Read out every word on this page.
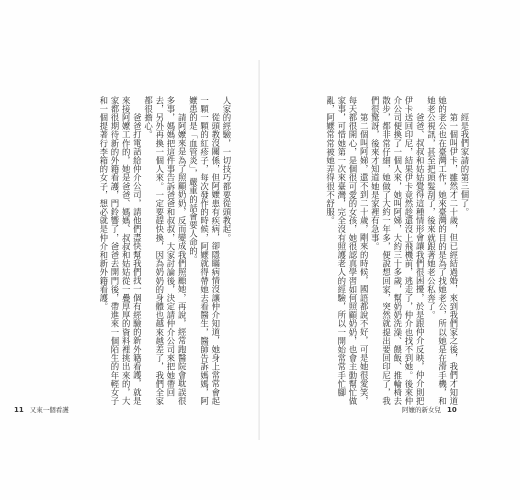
人家的經驗，一切技巧都要從頭教起。

從頭教沒關係，但阿嬤患有疾病，卻隱瞞病情沒讓仲介知道，她身上常常會起一顆一顆的紅疹子，每次發作的時候，阿嬤就得帶她去看醫生，醫師告訴媽媽，阿嬤患的是「血管炎」，嚴重的話會要人命的。

請阿嬤來是為了照顧奶奶，反而變成我們照顧她，再說，經常跑醫院會耽誤很多事，媽媽把這件事告訴爸爸和叔叔，大家討論後，決定請仲介公司來把她帶回去，另外再換一個人來。一定要趕快換，因為奶奶的身體也越來越差了，我們全家都很擔心。

爸爸打電話給仲介公司，請他們盡快幫我們找一個有經驗的新外籍看護，就是來接阿嬤工作的，她是爸爸、媽媽、叔叔和姑姑從一疊厚厚的資料裡挑出來的，大家都很期待新的外籍看護，門鈴響了，爸爸去開門後，帶進來一個陌生的年輕女子和一個提著行李箱的女子，想必就是仲介和新外籍看護。

11 又來一個看護

經是我們家請的第三個了。

第一個叫伊卡，雖然才二十歲，但已經結過婚，來到我們家之後，我們才知道她的老公也在臺灣工作，她來臺灣的目的是為了找她老公，所以她是在滑手機，和她老公視訊，甚至把頭髮刮了，後來就跟著她老公私奔了。

爸爸、叔叔和姑姑覺得這種情形會讓我們很困擾，於是跟仲介反映，仲介則把伊卡送回印尼，結果伊卡竟然趁還沒上飛機前，逃走了，仲介也找不到她。後來仲介公司便換了一個人來，她叫阿娣，大約三十多歲，幫奶奶洗澡、餵飯、推輪椅去散步，都非常仔細，她做了大約一年多，便說想回家，突然就提出要回印尼了，我們很驚訝，後來才知道她是家裡有急事。

第二個叫阿娣，還不到二十歲，剛來的時候，國語都說不好，可是她很愛笑，每天都很開心，是個很可愛的女孩，她很認真學習如何照顧奶奶，也會主動幫忙做家事，可惜她第一次來臺灣，完全沒有照護老人的經驗，所以一開始常常手忙腳亂，阿嬤常常被她弄得很不舒服。

阿嬤的新女兒 10
